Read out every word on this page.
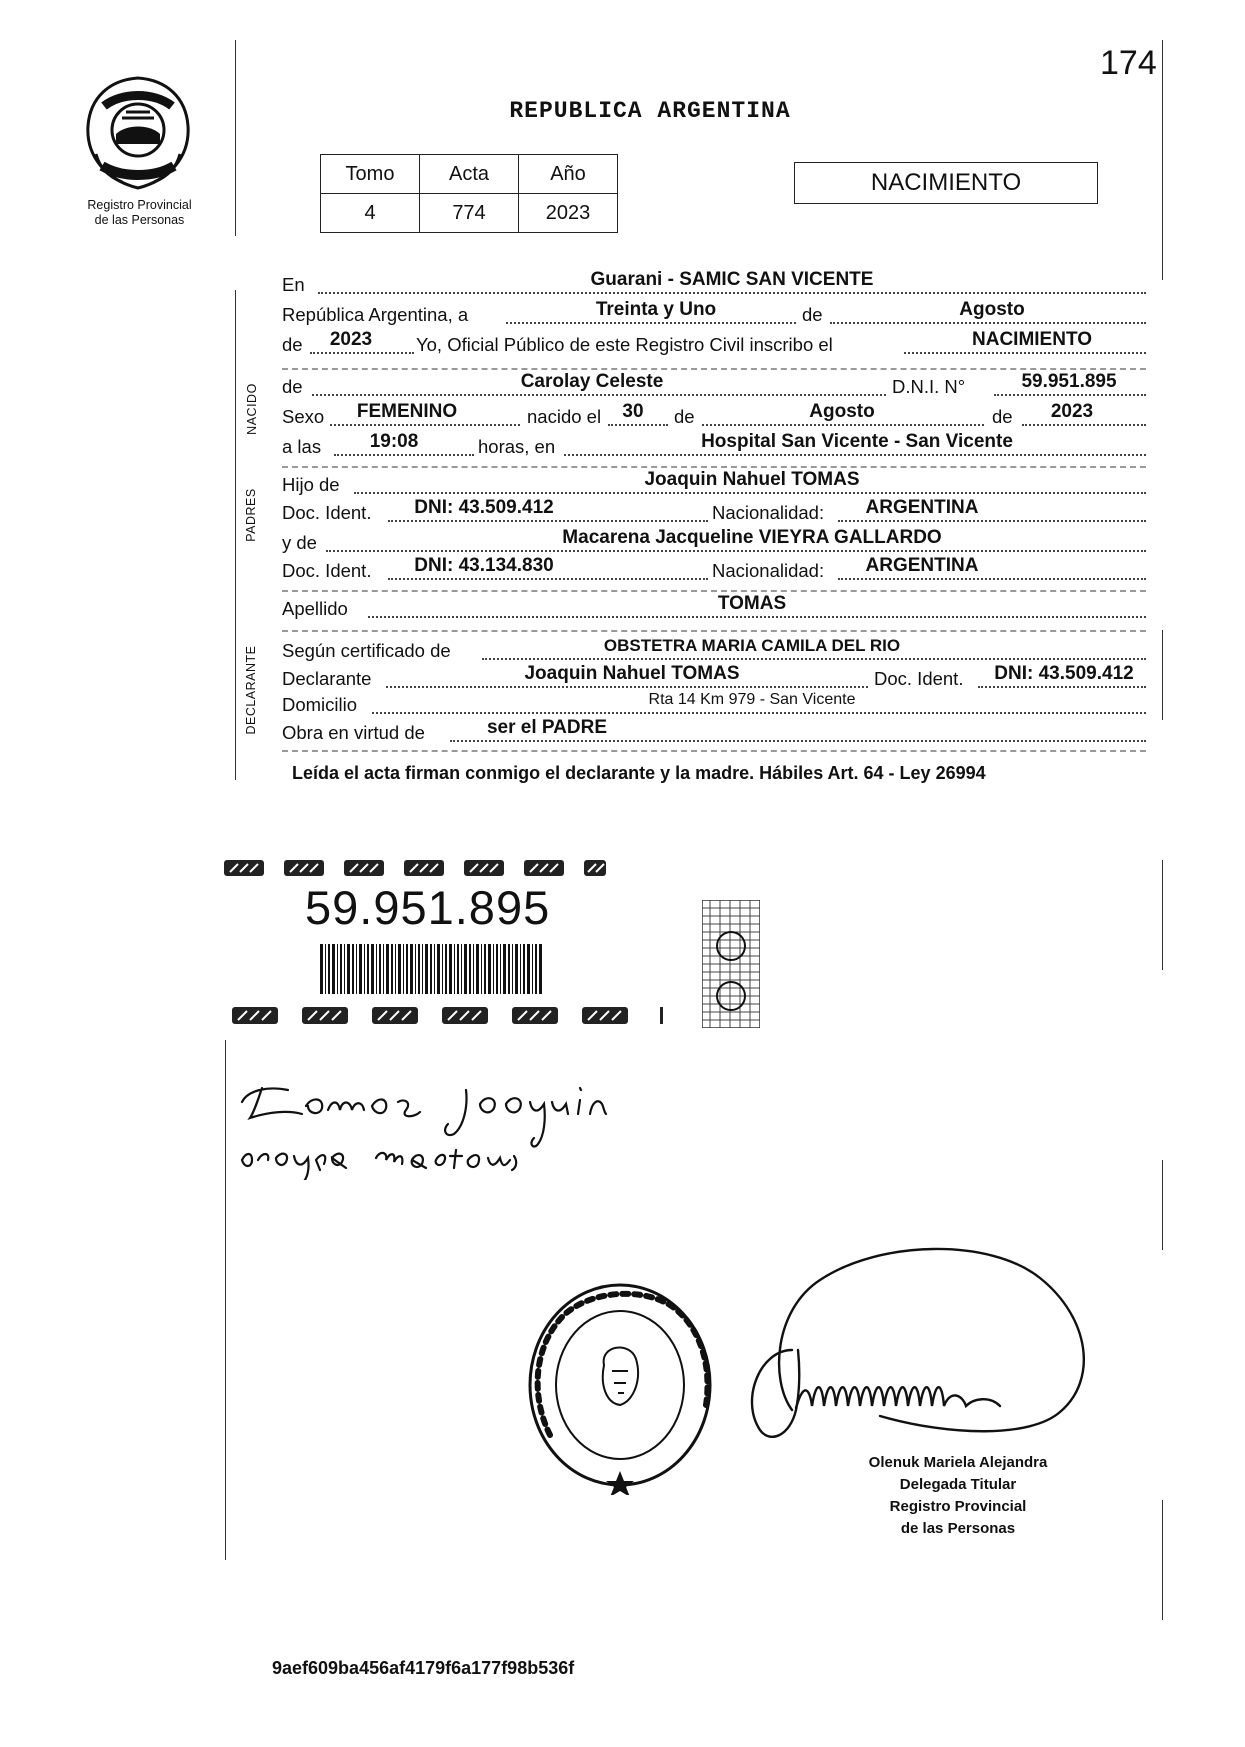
174
Registro Provincial
de las Personas
REPUBLICA ARGENTINA
Tomo	Acta	Año
4	774	2023
NACIMIENTO
NACIDO
PADRES
DECLARANTE
En	Guarani - SAMIC SAN VICENTE
República Argentina, a	Treinta y Uno	de	Agosto
de	2023	Yo, Oficial Público de este Registro Civil inscribo el	NACIMIENTO
de	Carolay Celeste	D.N.I. N°	59.951.895
Sexo	FEMENINO	nacido el	30	de	Agosto	de	2023
a las	19:08	horas, en	Hospital San Vicente - San Vicente
Hijo de	Joaquin Nahuel TOMAS
Doc. Ident.	DNI: 43.509.412	Nacionalidad:	ARGENTINA
y de	Macarena Jacqueline VIEYRA GALLARDO
Doc. Ident.	DNI: 43.134.830	Nacionalidad:	ARGENTINA
Apellido	TOMAS
Según certificado de	OBSTETRA MARIA CAMILA DEL RIO
Declarante	Joaquin Nahuel TOMAS	Doc. Ident.	DNI: 43.509.412
Domicilio	Rta 14 Km 979 - San Vicente
Obra en virtud de	ser el PADRE
Leída el acta firman conmigo el declarante y la madre. Hábiles Art. 64 - Ley 26994
59.951.895
Olenuk Mariela Alejandra
Delegada Titular
Registro Provincial
de las Personas
9aef609ba456af4179f6a177f98b536f
